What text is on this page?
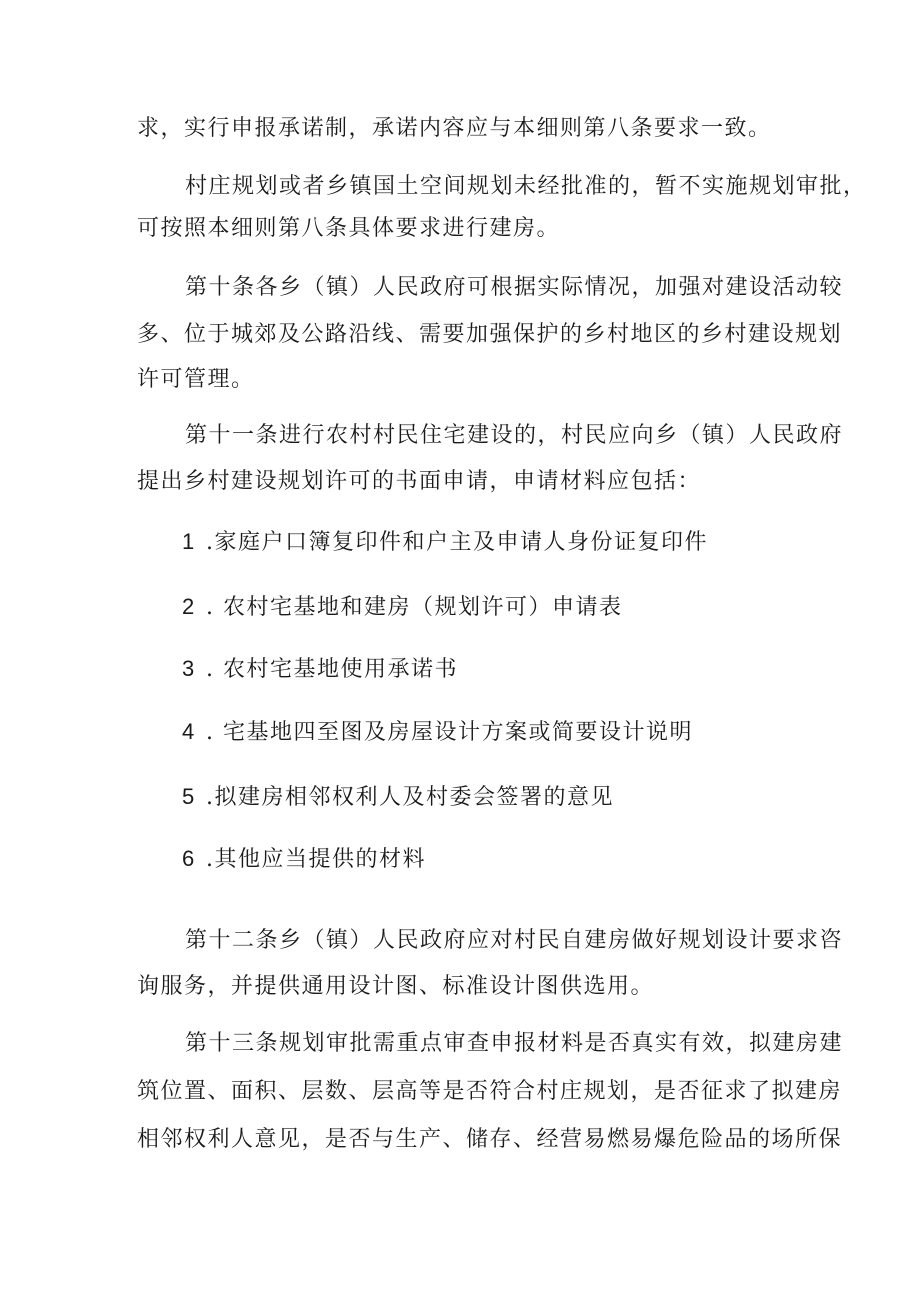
求，实行申报承诺制，承诺内容应与本细则第八条要求一致。
村庄规划或者乡镇国土空间规划未经批准的，暂不实施规划审批，
可按照本细则第八条具体要求进行建房。
第十条各乡（镇）人民政府可根据实际情况，加强对建设活动较
多、位于城郊及公路沿线、需要加强保护的乡村地区的乡村建设规划
许可管理。
第十一条进行农村村民住宅建设的，村民应向乡（镇）人民政府
提出乡村建设规划许可的书面申请，申请材料应包括：
1 .家庭户口簿复印件和户主及申请人身份证复印件
2 . 农村宅基地和建房（规划许可）申请表
3 . 农村宅基地使用承诺书
4 . 宅基地四至图及房屋设计方案或简要设计说明
5 .拟建房相邻权利人及村委会签署的意见
6 .其他应当提供的材料
第十二条乡（镇）人民政府应对村民自建房做好规划设计要求咨
询服务，并提供通用设计图、标准设计图供选用。
第十三条规划审批需重点审查申报材料是否真实有效，拟建房建
筑位置、面积、层数、层高等是否符合村庄规划，是否征求了拟建房
相邻权利人意见，是否与生产、储存、经营易燃易爆危险品的场所保
